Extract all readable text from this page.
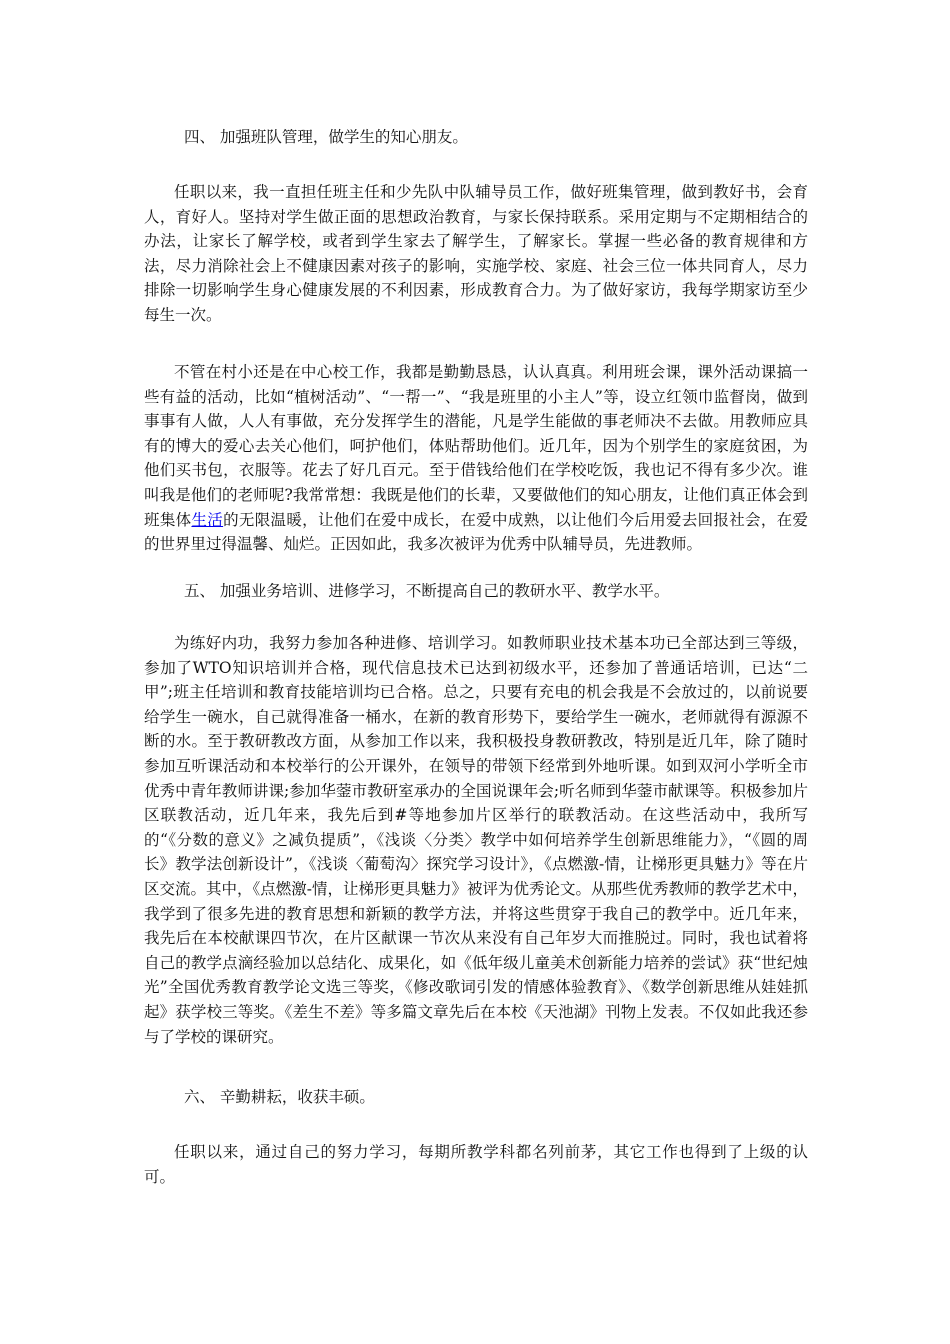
四、 加强班队管理，做学生的知心朋友。

任职以来，我一直担任班主任和少先队中队辅导员工作，做好班集管理，做到教好书，会育人，育好人。坚持对学生做正面的思想政治教育，与家长保持联系。采用定期与不定期相结合的办法，让家长了解学校，或者到学生家去了解学生，了解家长。掌握一些必备的教育规律和方法，尽力消除社会上不健康因素对孩子的影响，实施学校、家庭、社会三位一体共同育人，尽力排除一切影响学生身心健康发展的不利因素，形成教育合力。为了做好家访，我每学期家访至少每生一次。

不管在村小还是在中心校工作，我都是勤勤恳恳，认认真真。利用班会课，课外活动课搞一些有益的活动，比如“植树活动”、“一帮一”、“我是班里的小主人”等，设立红领巾监督岗，做到事事有人做，人人有事做，充分发挥学生的潜能，凡是学生能做的事老师决不去做。用教师应具有的博大的爱心去关心他们，呵护他们，体贴帮助他们。近几年，因为个别学生的家庭贫困，为他们买书包，衣服等。花去了好几百元。至于借钱给他们在学校吃饭，我也记不得有多少次。谁叫我是他们的老师呢?我常常想：我既是他们的长辈，又要做他们的知心朋友，让他们真正体会到班集体生活的无限温暖，让他们在爱中成长，在爱中成熟，以让他们今后用爱去回报社会，在爱的世界里过得温馨、灿烂。正因如此，我多次被评为优秀中队辅导员，先进教师。

五、 加强业务培训、进修学习，不断提高自己的教研水平、教学水平。

为练好内功，我努力参加各种进修、培训学习。如教师职业技术基本功已全部达到三等级，参加了WTO知识培训并合格，现代信息技术已达到初级水平，还参加了普通话培训，已达“二甲”;班主任培训和教育技能培训均已合格。总之，只要有充电的机会我是不会放过的，以前说要给学生一碗水，自己就得准备一桶水，在新的教育形势下，要给学生一碗水，老师就得有源源不断的水。至于教研教改方面，从参加工作以来，我积极投身教研教改，特别是近几年，除了随时参加互听课活动和本校举行的公开课外，在领导的带领下经常到外地听课。如到双河小学听全市优秀中青年教师讲课;参加华蓥市教研室承办的全国说课年会;听名师到华蓥市献课等。积极参加片区联教活动，近几年来，我先后到#等地参加片区举行的联教活动。在这些活动中，我所写的“《分数的意义》之减负提质”，《浅谈〈分类〉教学中如何培养学生创新思维能力》，“《圆的周长》教学法创新设计”，《浅谈〈葡萄沟〉探究学习设计》，《点燃激-情，让梯形更具魅力》等在片区交流。其中，《点燃激-情，让梯形更具魅力》被评为优秀论文。从那些优秀教师的教学艺术中，我学到了很多先进的教育思想和新颖的教学方法，并将这些贯穿于我自己的教学中。近几年来，我先后在本校献课四节次，在片区献课一节次从来没有自己年岁大而推脱过。同时，我也试着将自己的教学点滴经验加以总结化、成果化，如《低年级儿童美术创新能力培养的尝试》获“世纪烛光”全国优秀教育教学论文选三等奖，《修改歌词引发的情感体验教育》、《数学创新思维从娃娃抓起》获学校三等奖。《差生不差》等多篇文章先后在本校《天池湖》刊物上发表。不仅如此我还参与了学校的课研究。

六、 辛勤耕耘，收获丰硕。

任职以来，通过自己的努力学习，每期所教学科都名列前茅，其它工作也得到了上级的认可。
